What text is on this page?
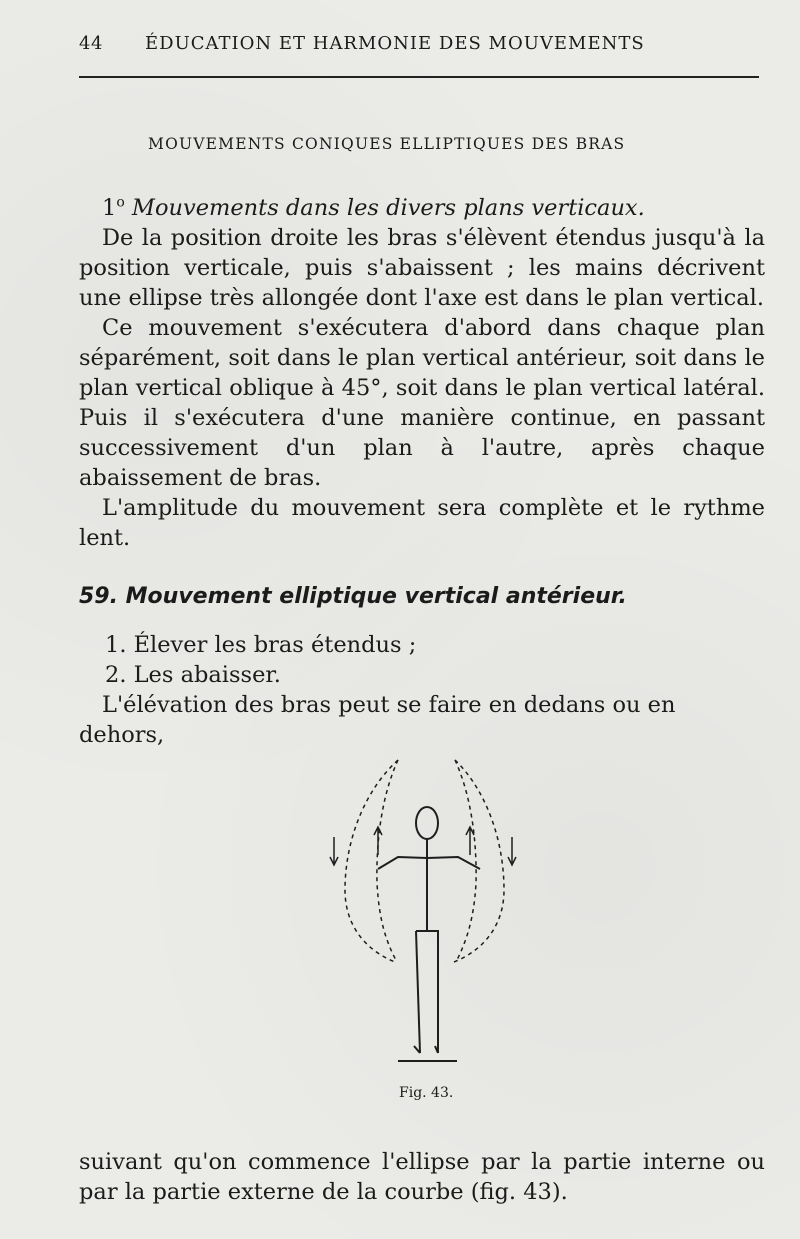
44 ÉDUCATION ET HARMONIE DES MOUVEMENTS
MOUVEMENTS CONIQUES ELLIPTIQUES DES BRAS

1$^o$ Mouvements dans les divers plans verticaux.

De la position droite les bras s'élèvent étendus jusqu'à la position verticale, puis s'abaissent ; les mains décrivent une ellipse très allongée dont l'axe est dans le plan vertical.

Ce mouvement s'exécutera d'abord dans chaque plan séparément, soit dans le plan vertical antérieur, soit dans le plan vertical oblique à 45°, soit dans le plan vertical latéral. Puis il s'exécutera d'une manière continue, en passant successivement d'un plan à l'autre, après chaque abaissement de bras.

L'amplitude du mouvement sera complète et le rythme lent.

59. Mouvement elliptique vertical antérieur.
1. Élever les bras étendus ;
2. Les abaisser.

L'élévation des bras peut se faire en dedans ou en dehors,

Fig. 43.

suivant qu'on commence l'ellipse par la partie interne ou par la partie externe de la courbe (fig. 43).
